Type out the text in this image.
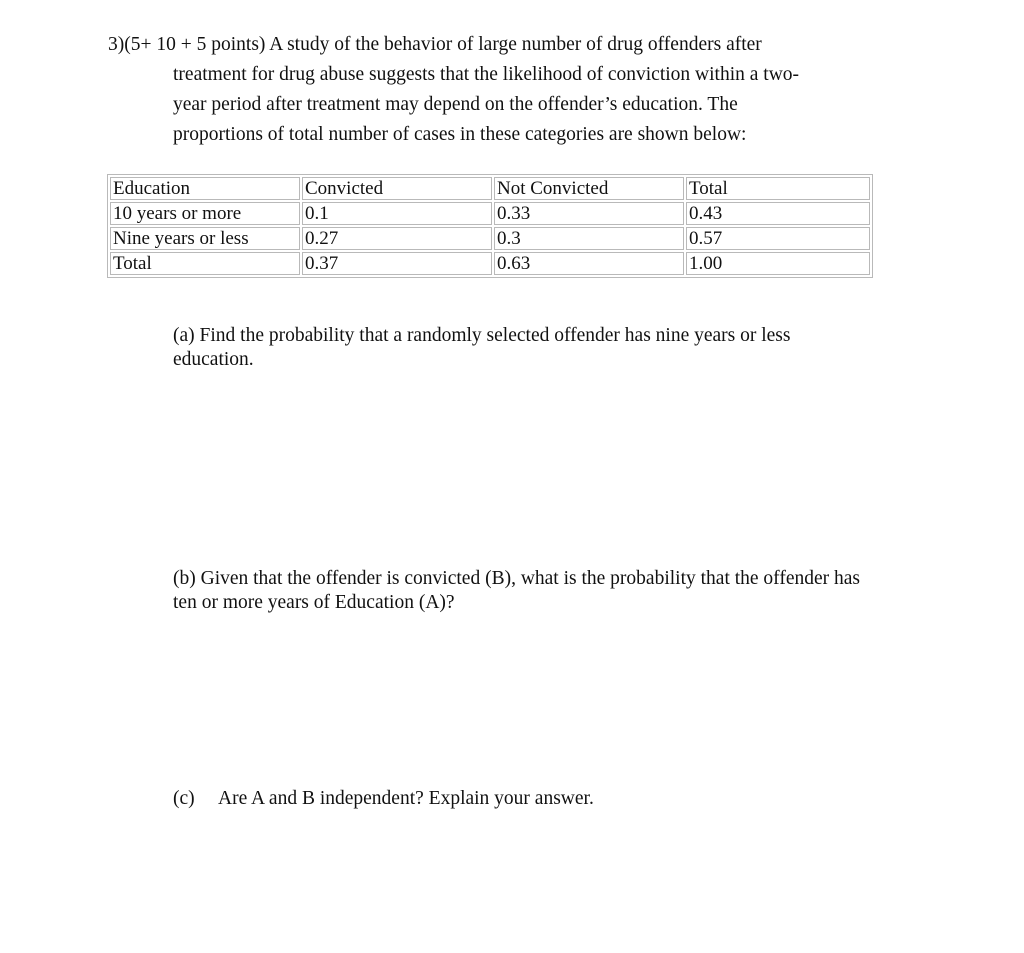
3)(5+ 10 + 5 points) A study of the behavior of large number of drug offenders after
treatment for drug abuse suggests that the likelihood of conviction within a two-
year period after treatment may depend on the offender’s education. The
proportions of total number of cases in these categories are shown below:
Education	Convicted	Not Convicted	Total
10 years or more	0.1	0.33	0.43
Nine years or less	0.27	0.3	0.57
Total	0.37	0.63	1.00
(a) Find the probability that a randomly selected offender has nine years or less education.
(b) Given that the offender is convicted (B), what is the probability that the offender has ten or more years of Education (A)?
(c) Are A and B independent? Explain your answer.
